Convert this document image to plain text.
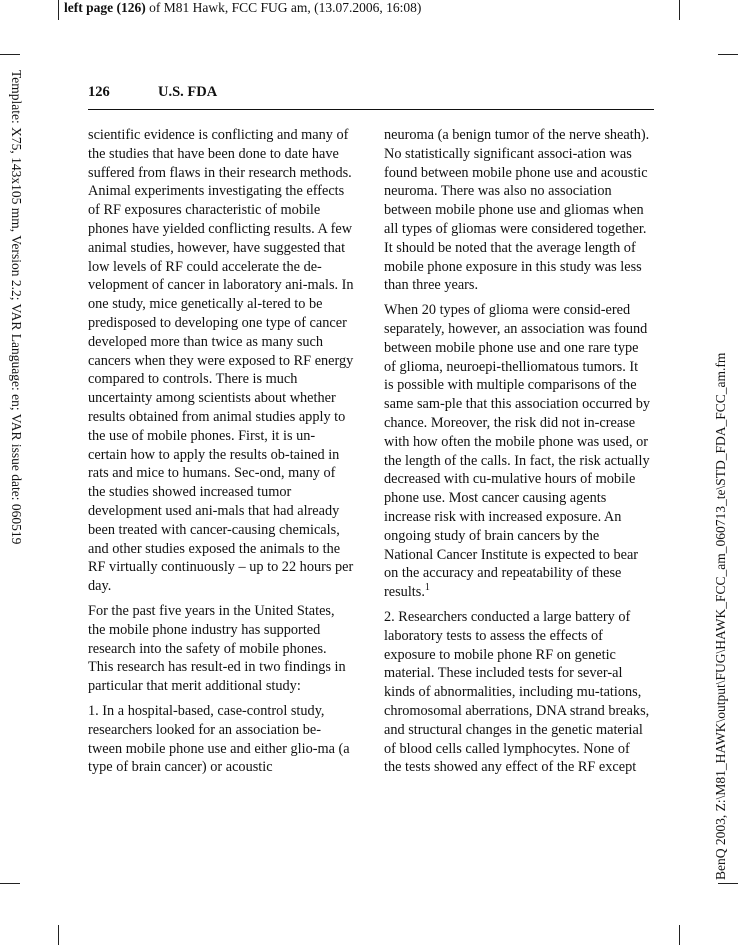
left page (126) of M81 Hawk, FCC FUG am, (13.07.2006, 16:08)
Template: X75, 143x105 mm, Version 2.2; VAR Language: en; VAR issue date: 060519
BenQ 2003, Z:\M81_HAWK\output\FUG\HAWK_FCC_am_060713_te\STD_FDA_FCC_am.fm
126	U.S. FDA

scientific evidence is conflicting and many of the studies that have been done to date have suffered from flaws in their research methods. Animal experiments investigating the effects of RF exposures characteristic of mobile phones have yielded conflicting results. A few animal studies, however, have suggested that low levels of RF could accelerate the de-velopment of cancer in laboratory ani-mals. In one study, mice genetically al-tered to be predisposed to developing one type of cancer developed more than twice as many such cancers when they were exposed to RF energy compared to controls. There is much uncertainty among scientists about whether results obtained from animal studies apply to the use of mobile phones. First, it is un-certain how to apply the results ob-tained in rats and mice to humans. Sec-ond, many of the studies showed increased tumor development used ani-mals that had already been treated with cancer-causing chemicals, and other studies exposed the animals to the RF virtually continuously – up to 22 hours per day.

For the past five years in the United States, the mobile phone industry has supported research into the safety of mobile phones. This research has result-ed in two findings in particular that merit additional study:

1. In a hospital-based, case-control study, researchers looked for an association be-tween mobile phone use and either glio-ma (a type of brain cancer) or acoustic

neuroma (a benign tumor of the nerve sheath). No statistically significant associ-ation was found between mobile phone use and acoustic neuroma. There was also no association between mobile phone use and gliomas when all types of gliomas were considered together. It should be noted that the average length of mobile phone exposure in this study was less than three years.

When 20 types of glioma were consid-ered separately, however, an association was found between mobile phone use and one rare type of glioma, neuroepi-thelliomatous tumors. It is possible with multiple comparisons of the same sam-ple that this association occurred by chance. Moreover, the risk did not in-crease with how often the mobile phone was used, or the length of the calls. In fact, the risk actually decreased with cu-mulative hours of mobile phone use. Most cancer causing agents increase risk with increased exposure. An ongoing study of brain cancers by the National Cancer Institute is expected to bear on the accuracy and repeatability of these results.$^1$

2. Researchers conducted a large battery of laboratory tests to assess the effects of exposure to mobile phone RF on genetic material. These included tests for sever-al kinds of abnormalities, including mu-tations, chromosomal aberrations, DNA strand breaks, and structural changes in the genetic material of blood cells called lymphocytes. None of the tests showed any effect of the RF except
